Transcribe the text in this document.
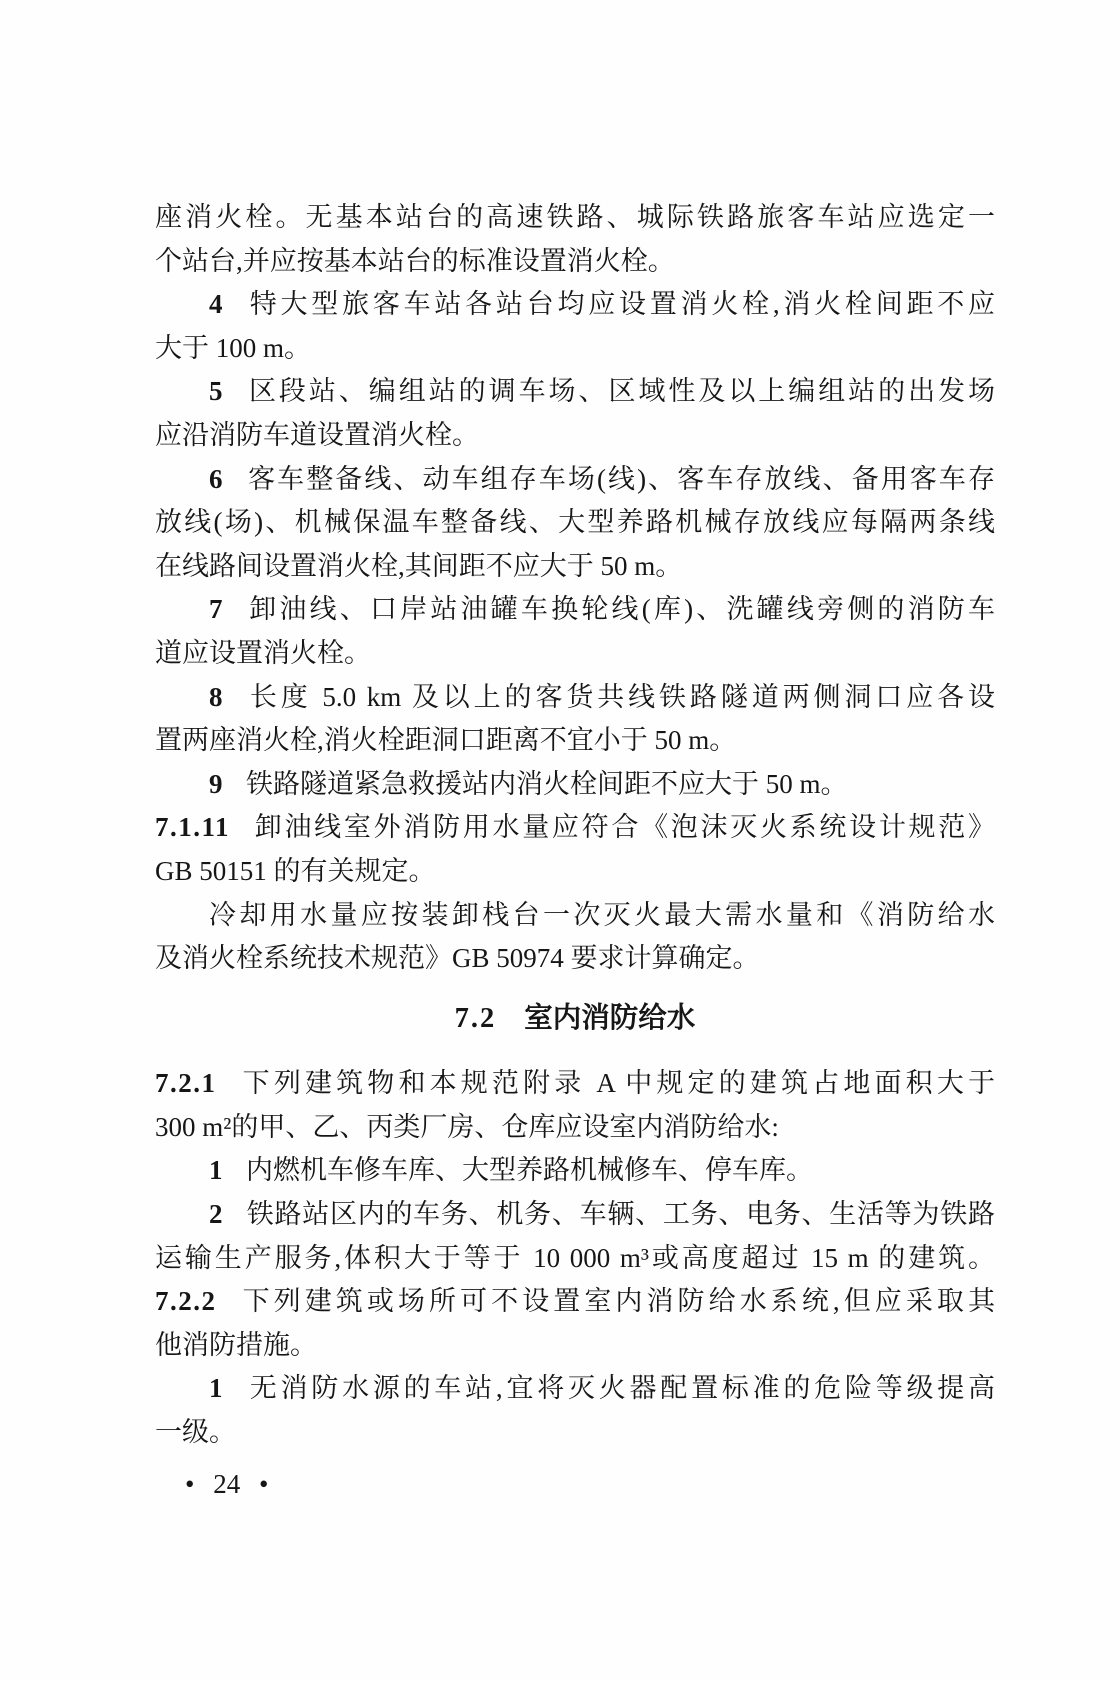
座消火栓。无基本站台的高速铁路、城际铁路旅客车站应选定一
个站台,并应按基本站台的标准设置消火栓。
4 特大型旅客车站各站台均应设置消火栓,消火栓间距不应
大于 100 m。
5 区段站、编组站的调车场、区域性及以上编组站的出发场
应沿消防车道设置消火栓。
6 客车整备线、动车组存车场(线)、客车存放线、备用客车存
放线(场)、机械保温车整备线、大型养路机械存放线应每隔两条线
在线路间设置消火栓,其间距不应大于 50 m。
7 卸油线、口岸站油罐车换轮线(库)、洗罐线旁侧的消防车
道应设置消火栓。
8 长度 5.0 km 及以上的客货共线铁路隧道两侧洞口应各设
置两座消火栓,消火栓距洞口距离不宜小于 50 m。
9 铁路隧道紧急救援站内消火栓间距不应大于 50 m。
7.1.11 卸油线室外消防用水量应符合《泡沫灭火系统设计规范》
GB 50151 的有关规定。
冷却用水量应按装卸栈台一次灭火最大需水量和《消防给水
及消火栓系统技术规范》GB 50974 要求计算确定。
7.2 室内消防给水
7.2.1 下列建筑物和本规范附录 A 中规定的建筑占地面积大于
300 m²的甲、乙、丙类厂房、仓库应设室内消防给水:
1 内燃机车修车库、大型养路机械修车、停车库。
2 铁路站区内的车务、机务、车辆、工务、电务、生活等为铁路
运输生产服务,体积大于等于 10 000 m³或高度超过 15 m 的建筑。
7.2.2 下列建筑或场所可不设置室内消防给水系统,但应采取其
他消防措施。
1 无消防水源的车站,宜将灭火器配置标准的危险等级提高
一级。
• 24 •
